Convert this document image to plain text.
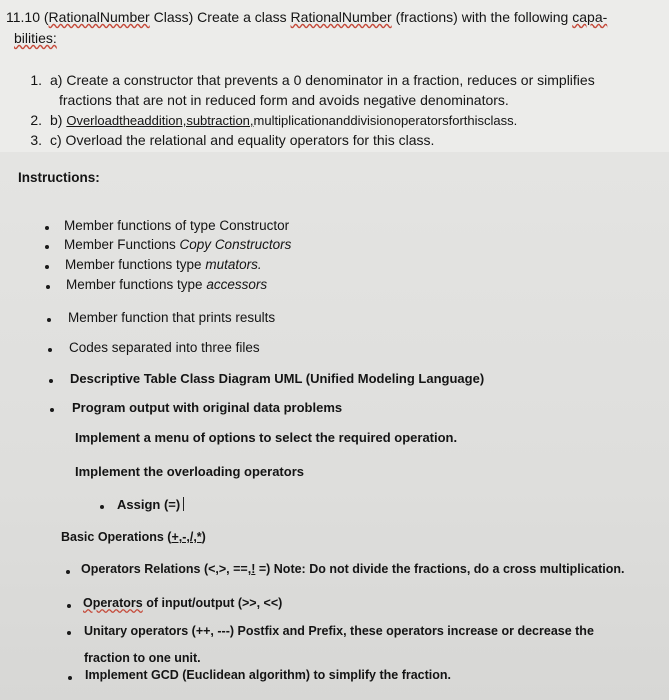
11.10 (RationalNumber Class) Create a class RationalNumber (fractions) with the following capa-
bilities:
1. a) Create a constructor that prevents a 0 denominator in a fraction, reduces or simplifies
fractions that are not in reduced form and avoids negative denominators.
2. b) Overloadtheaddition,subtraction,multiplicationanddivisionoperatorsforthisclass.
3. c) Overload the relational and equality operators for this class.
Instructions:
Member functions of type Constructor
Member Functions Copy Constructors
Member functions type mutators.
Member functions type accessors
Member function that prints results
Codes separated into three files
Descriptive Table Class Diagram UML (Unified Modeling Language)
Program output with original data problems
Implement a menu of options to select the required operation.
Implement the overloading operators
Assign (=)
Basic Operations (+,-,/,*)
Operators Relations (<,>, ==,! =) Note: Do not divide the fractions, do a cross multiplication.
Operators of input/output (>>, <<)
Unitary operators (++, ---) Postfix and Prefix, these operators increase or decrease the
fraction to one unit.
Implement GCD (Euclidean algorithm) to simplify the fraction.
